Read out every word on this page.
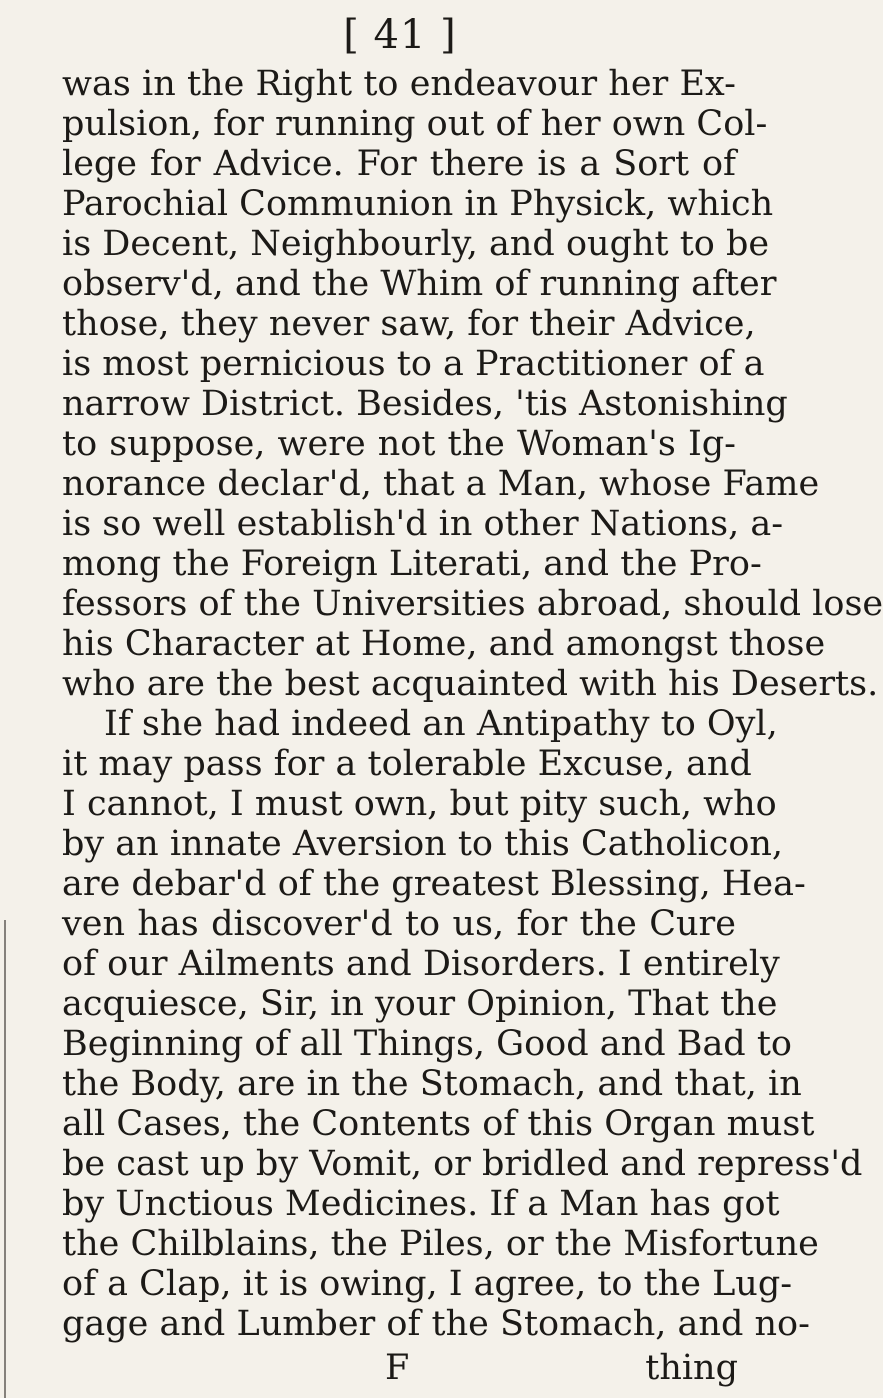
[ 41 ]
was in the Right to endeavour her Ex-
pulsion, for running out of her own Col-
lege for Advice. For there is a Sort of
Parochial Communion in Physick, which
is Decent, Neighbourly, and ought to be
observ'd, and the Whim of running after
those, they never saw, for their Advice,
is most pernicious to a Practitioner of a
narrow District. Besides, 'tis Astonishing
to suppose, were not the Woman's Ig-
norance declar'd, that a Man, whose Fame
is so well establish'd in other Nations, a-
mong the Foreign Literati, and the Pro-
fessors of the Universities abroad, should lose
his Character at Home, and amongst those
who are the best acquainted with his Deserts.
If she had indeed an Antipathy to Oyl,
it may pass for a tolerable Excuse, and
I cannot, I must own, but pity such, who
by an innate Aversion to this Catholicon,
are debar'd of the greatest Blessing, Hea-
ven has discover'd to us, for the Cure
of our Ailments and Disorders. I entirely
acquiesce, Sir, in your Opinion, That the
Beginning of all Things, Good and Bad to
the Body, are in the Stomach, and that, in
all Cases, the Contents of this Organ must
be cast up by Vomit, or bridled and repress'd
by Unctious Medicines. If a Man has got
the Chilblains, the Piles, or the Misfortune
of a Clap, it is owing, I agree, to the Lug-
gage and Lumber of the Stomach, and no-
F	thing
